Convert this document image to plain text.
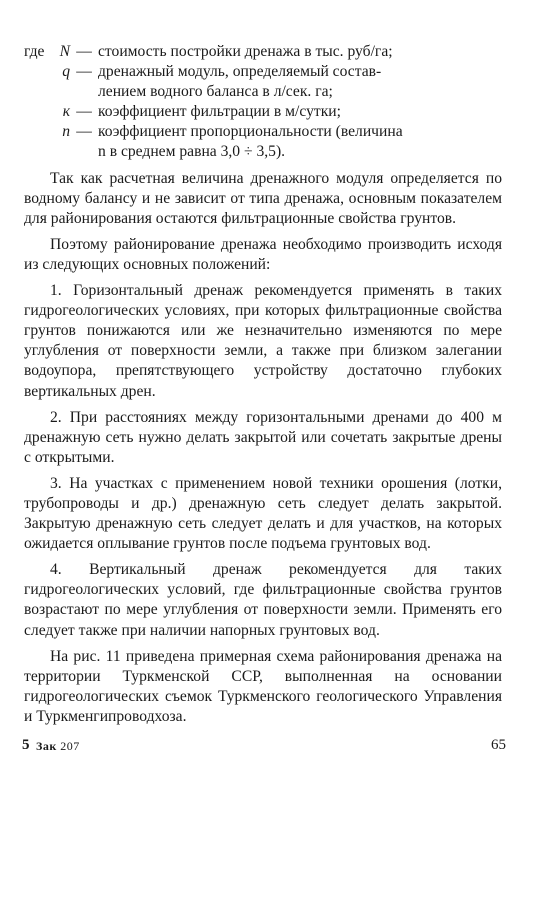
где N — стоимость постройки дренажа в тыс. руб/га;
q — дренажный модуль, определяемый состав-
лением водного баланса в л/сек. га;
к — коэффициент фильтрации в м/сутки;
n — коэффициент пропорциональности (величина
n в среднем равна 3,0 ÷ 3,5).

Так как расчетная величина дренажного модуля определяется по водному балансу и не зависит от типа дренажа, основным показателем для районирования остаются фильтрационные свойства грунтов.

Поэтому районирование дренажа необходимо производить исходя из следующих основных положений:

1. Горизонтальный дренаж рекомендуется применять в таких гидрогеологических условиях, при которых фильтрационные свойства грунтов понижаются или же незначительно изменяются по мере углубления от поверхности земли, а также при близком залегании водоупора, препятствующего устройству достаточно глубоких вертикальных дрен.

2. При расстояниях между горизонтальными дренами до 400 м дренажную сеть нужно делать закрытой или сочетать закрытые дрены с открытыми.

3. На участках с применением новой техники орошения (лотки, трубопроводы и др.) дренажную сеть следует делать закрытой. Закрытую дренажную сеть следует делать и для участков, на которых ожидается оплывание грунтов после подъема грунтовых вод.

4. Вертикальный дренаж рекомендуется для таких гидрогеологических условий, где фильтрационные свойства грунтов возрастают по мере углубления от поверхности земли. Применять его следует также при наличии напорных грунтовых вод.

На рис. 11 приведена примерная схема районирования дренажа на территории Туркменской ССР, выполненная на основании гидрогеологических съемок Туркменского геологического Управления и Туркменгипроводхоза.

5 Зак 207	65
